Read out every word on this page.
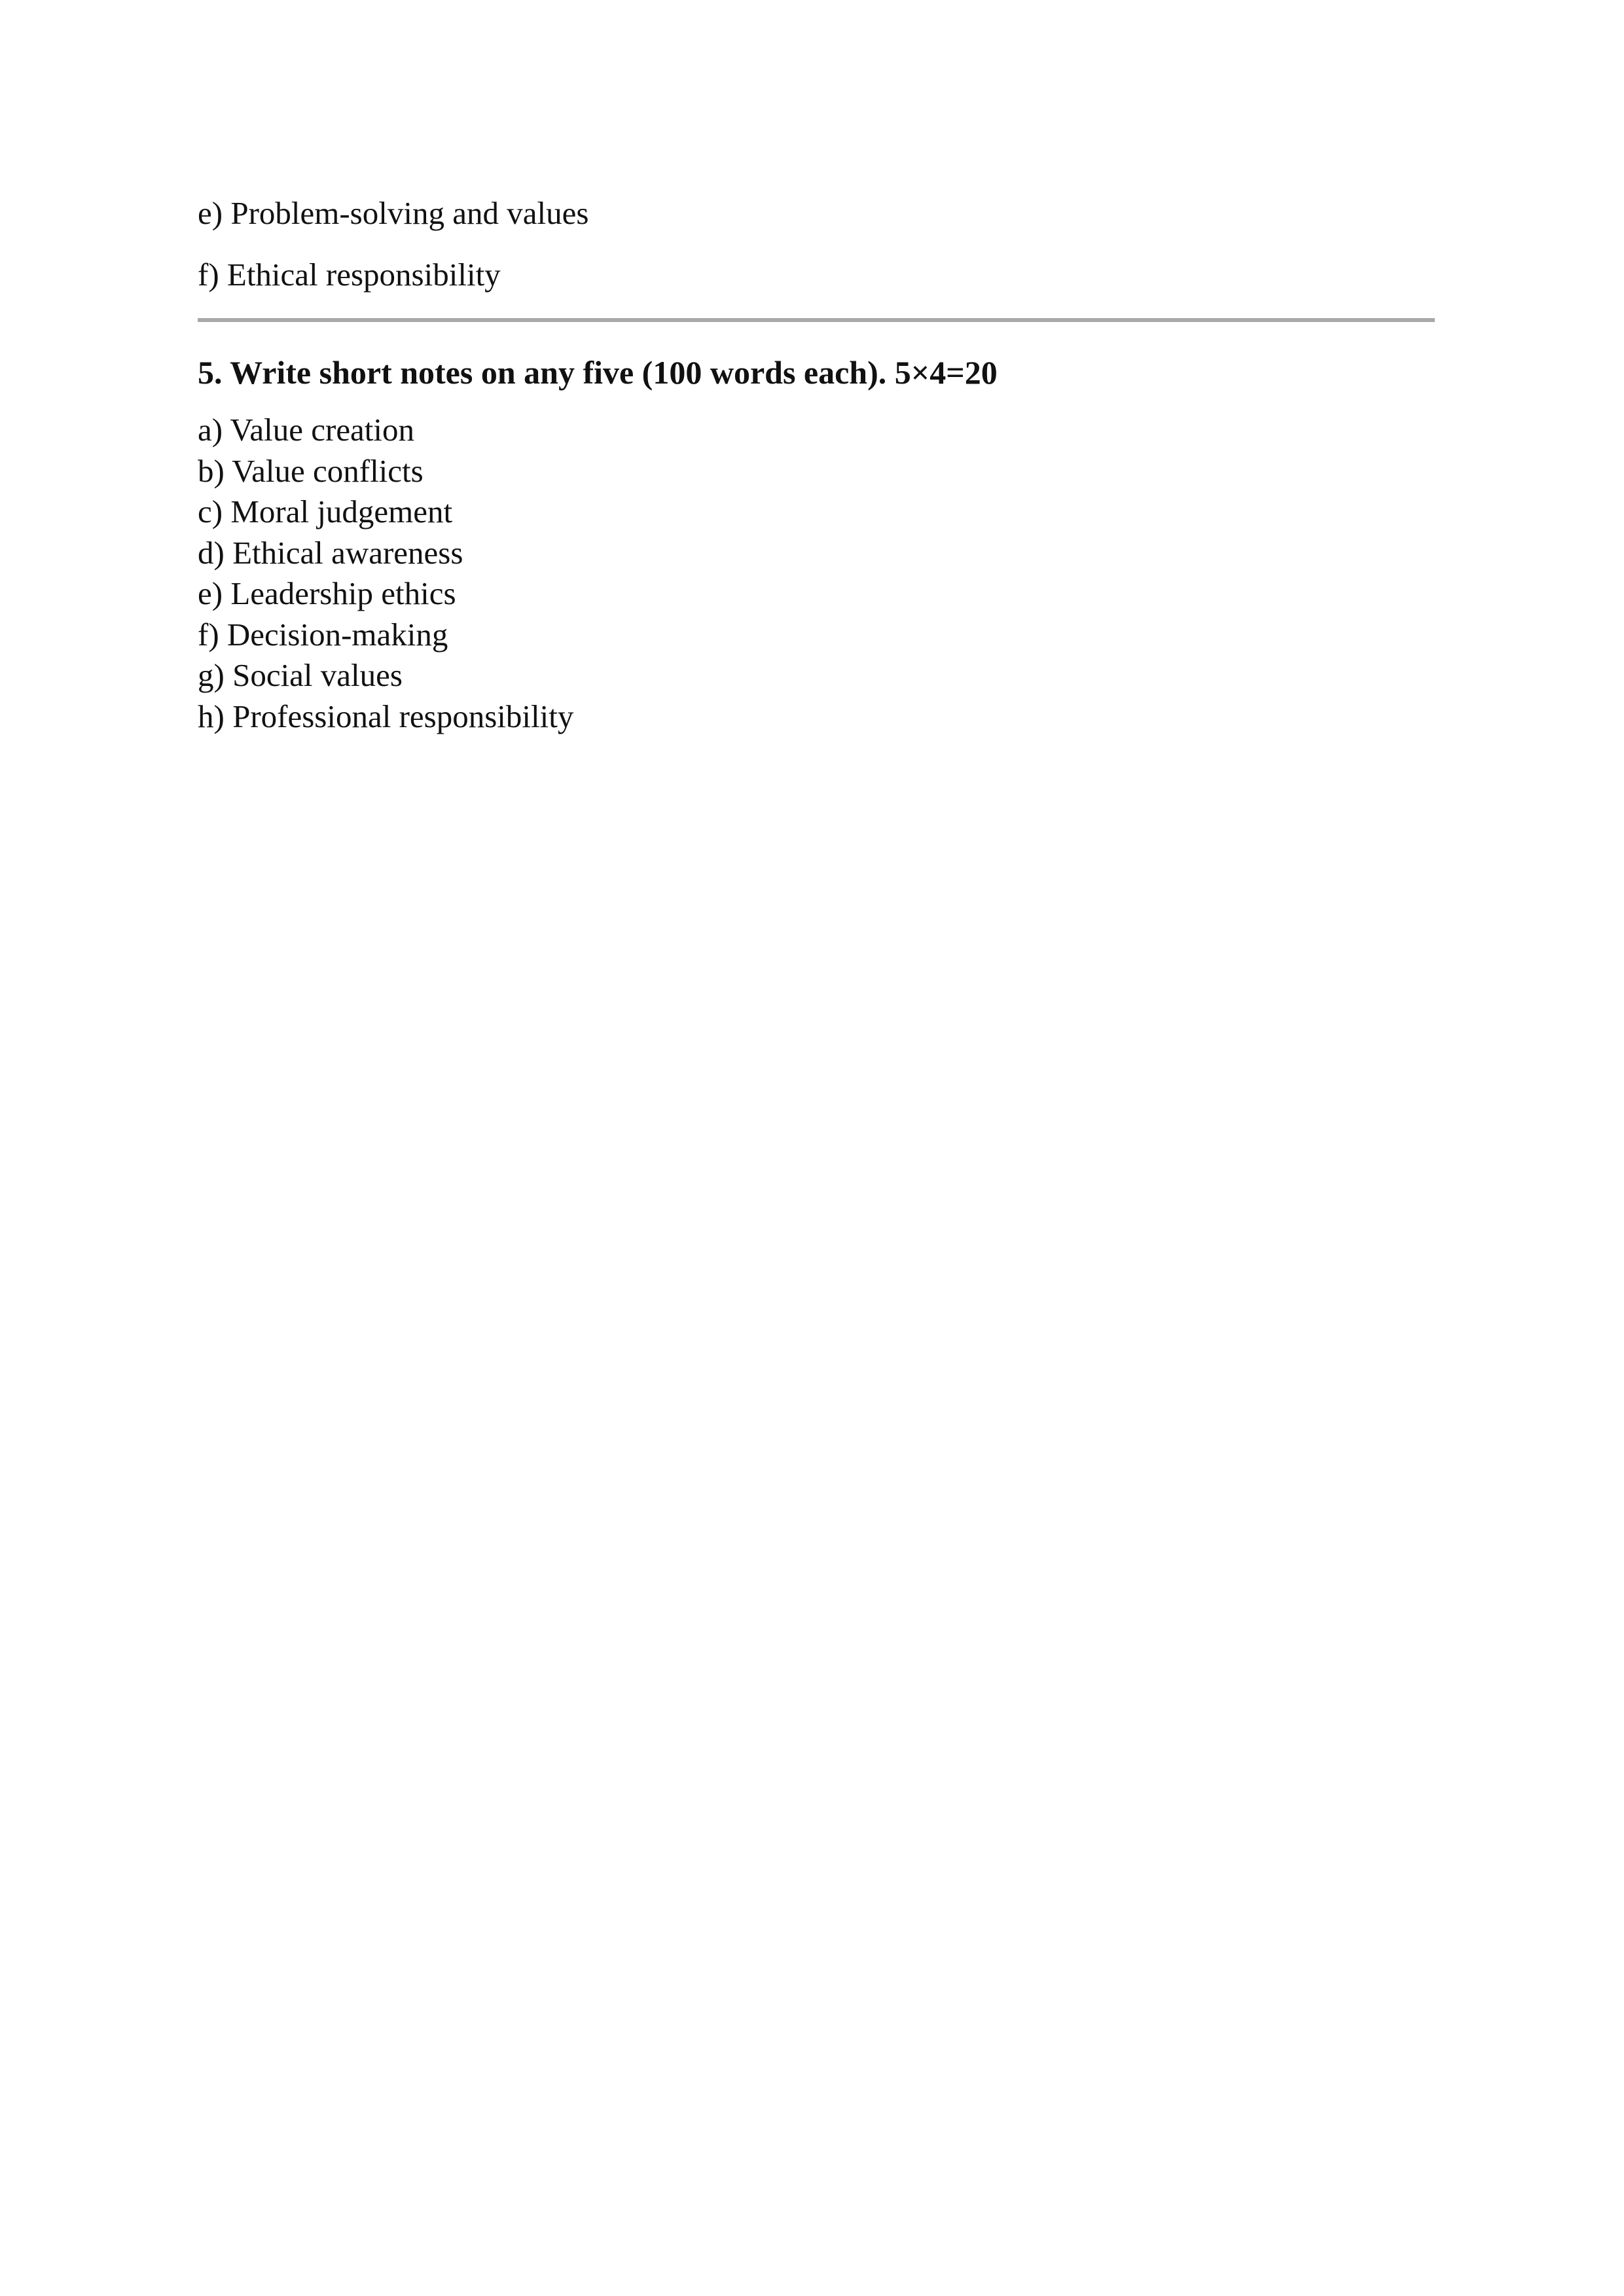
e) Problem-solving and values

f) Ethical responsibility

5. Write short notes on any five (100 words each). 5×4=20

a) Value creation
b) Value conflicts
c) Moral judgement
d) Ethical awareness
e) Leadership ethics
f) Decision-making
g) Social values
h) Professional responsibility
